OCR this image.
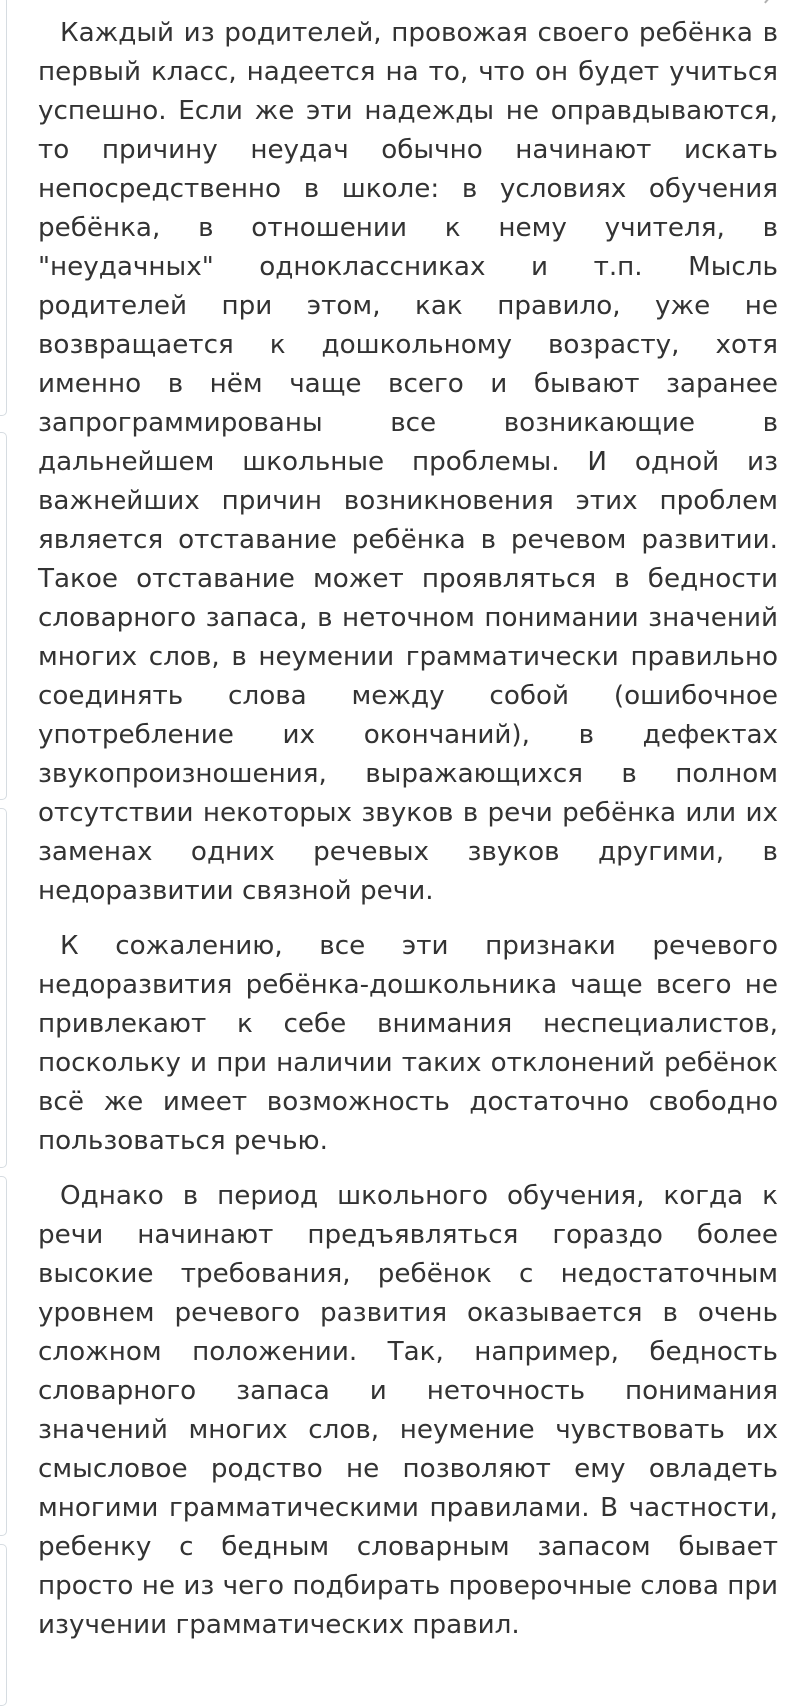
Каждый из родителей, провожая своего ребёнка в первый класс, надеется на то, что он будет учиться успешно. Если же эти надежды не оправдываются, то причину неудач обычно начинают искать непосредственно в школе: в условиях обучения ребёнка, в отношении к нему учителя, в "неудачных" одноклассниках и т.п. Мысль родителей при этом, как правило, уже не возвращается к дошкольному возрасту, хотя именно в нём чаще всего и бывают заранее запрограммированы все возникающие в дальнейшем школьные проблемы. И одной из важнейших причин возникновения этих проблем является отставание ребёнка в речевом развитии. Такое отставание может проявляться в бедности словарного запаса, в неточном понимании значений многих слов, в неумении грамматически правильно соединять слова между собой (ошибочное употребление их окончаний), в дефектах звукопроизношения, выражающихся в полном отсутствии некоторых звуков в речи ребёнка или их заменах одних речевых звуков другими, в недоразвитии связной речи.

К сожалению, все эти признаки речевого недоразвития ребёнка-дошкольника чаще всего не привлекают к себе внимания неспециалистов, поскольку и при наличии таких отклонений ребёнок всё же имеет возможность достаточно свободно пользоваться речью.

Однако в период школьного обучения, когда к речи начинают предъявляться гораздо более высокие требования, ребёнок с недостаточным уровнем речевого развития оказывается в очень сложном положении. Так, например, бедность словарного запаса и неточность понимания значений многих слов, неумение чувствовать их смысловое родство не позволяют ему овладеть многими грамматическими правилами. В частности, ребенку с бедным словарным запасом бывает просто не из чего подбирать проверочные слова при изучении грамматических правил.
